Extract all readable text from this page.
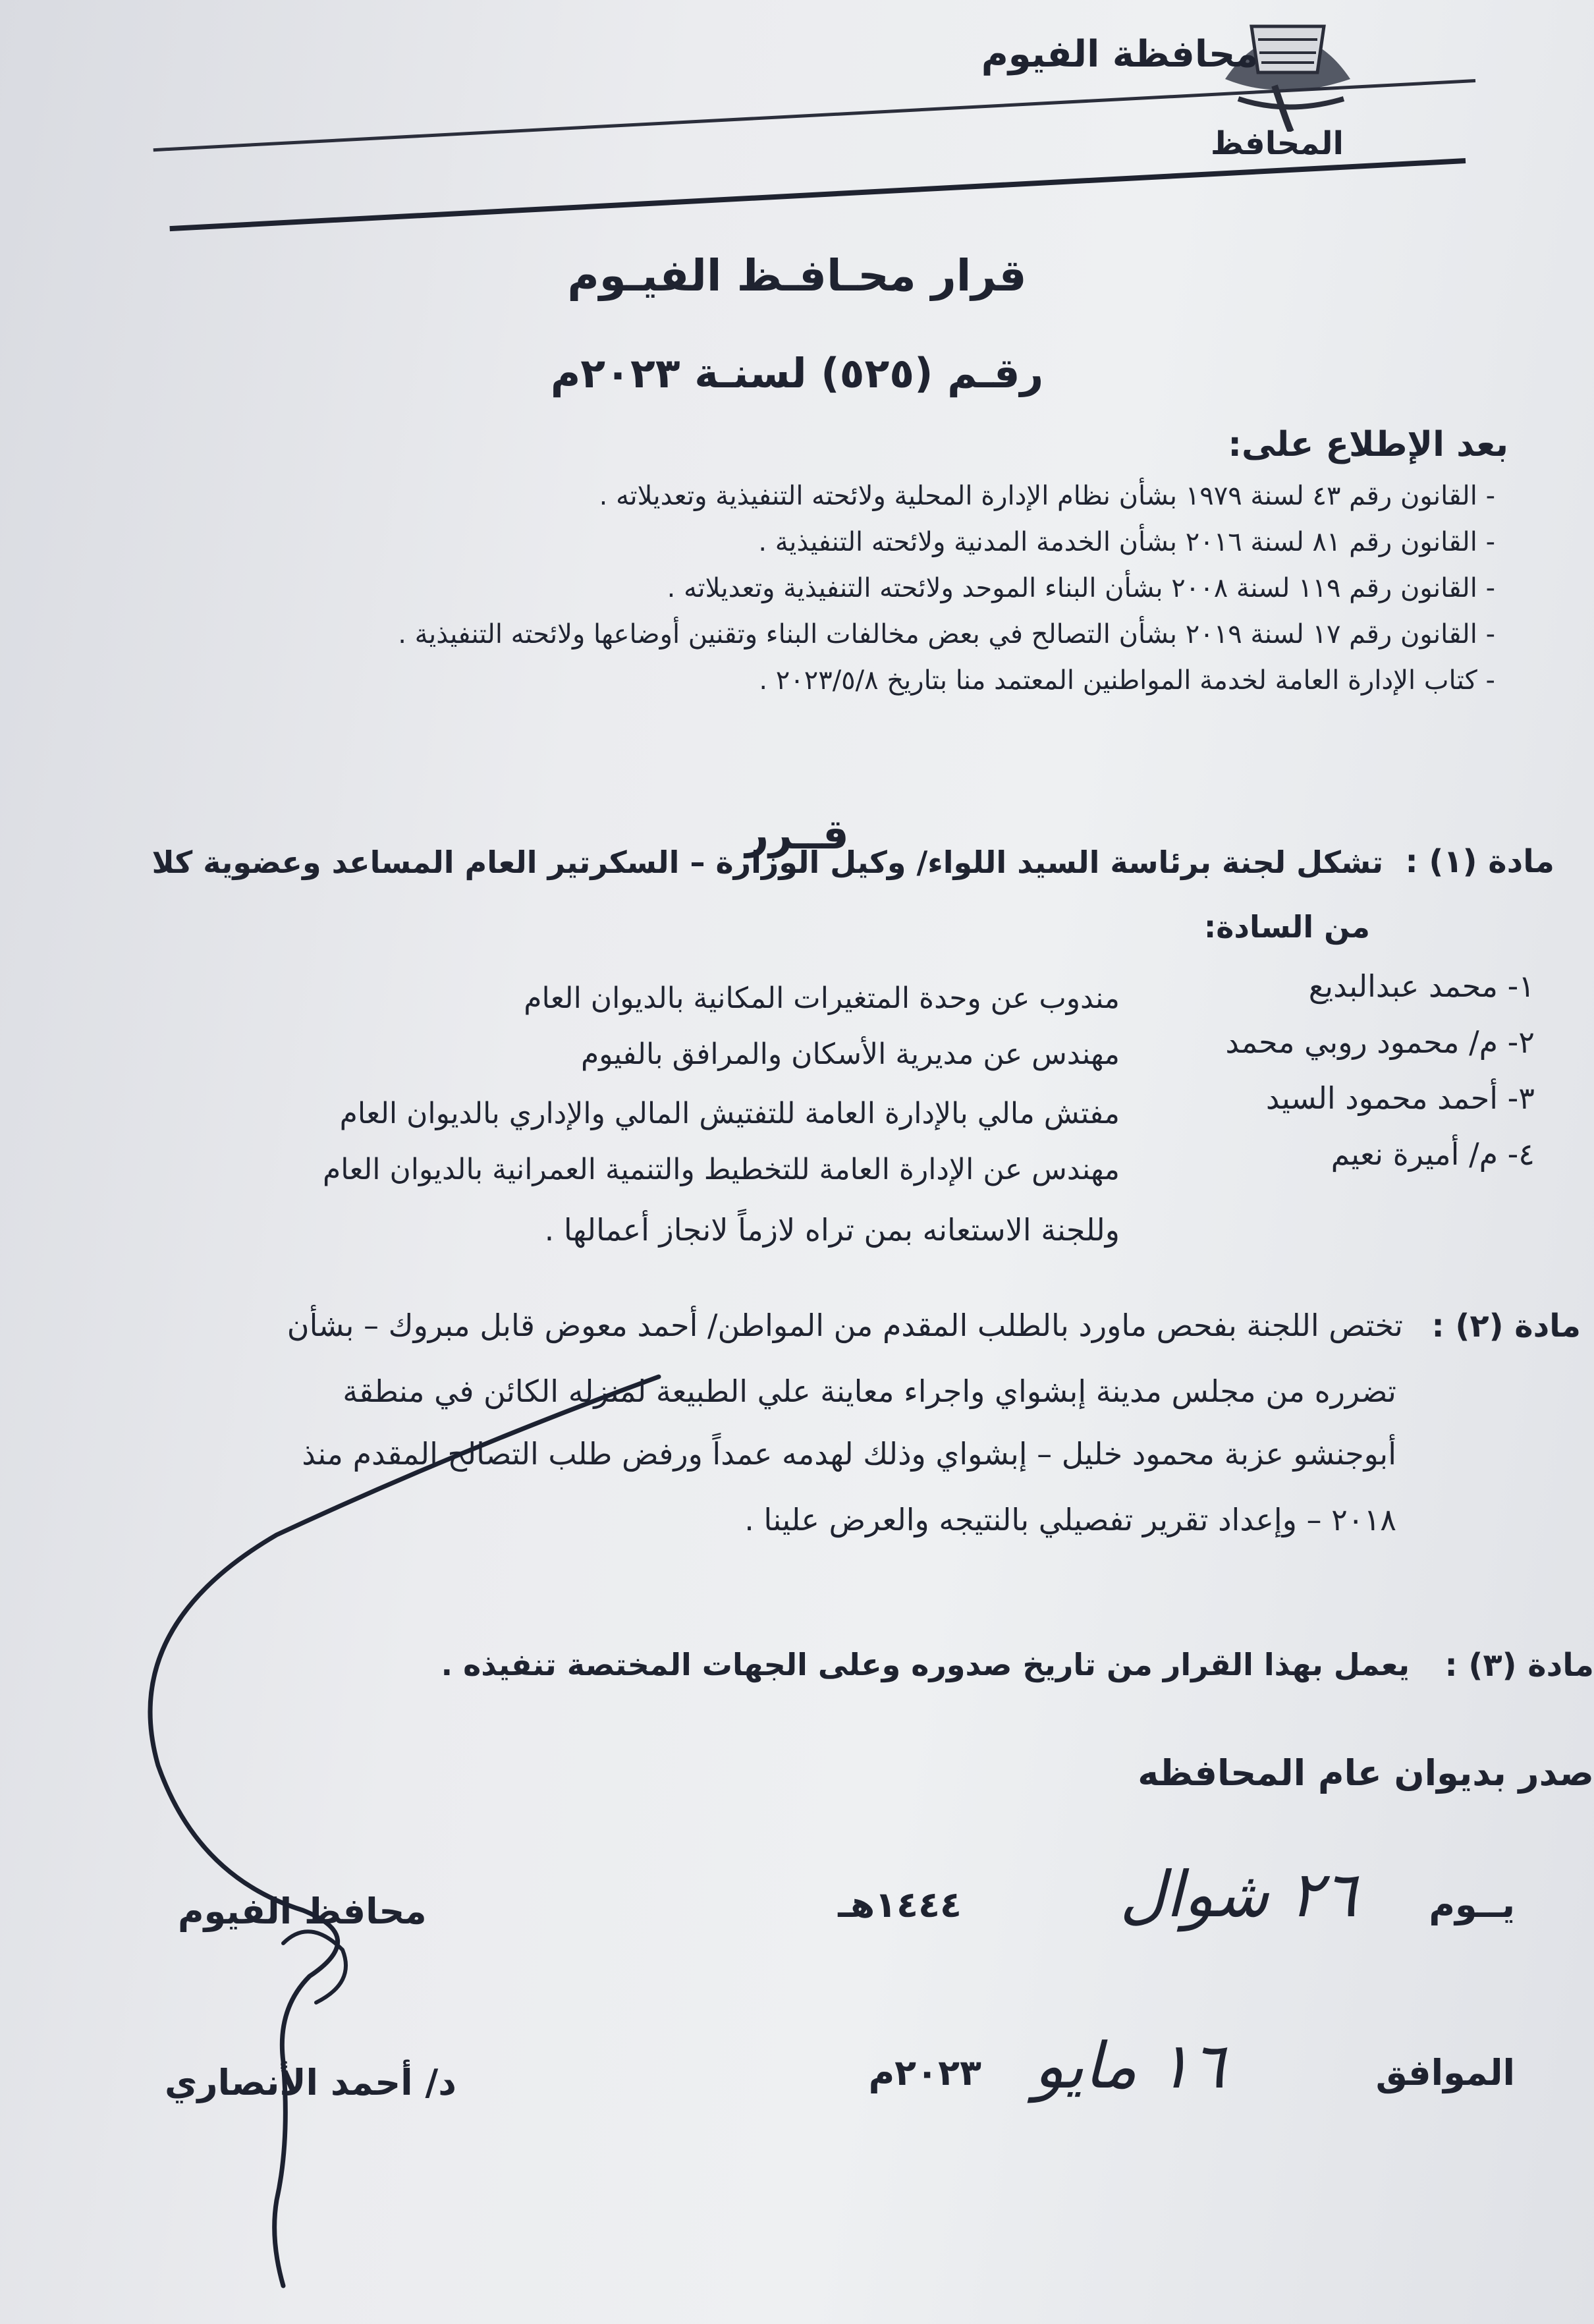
محافظة الفيوم
المحافظ
قرار محـافـظ الفيـوم
رقـم (٥٢٥) لسنـة ٢٠٢٣م
بعد الإطلاع على:
- القانون رقم ٤٣ لسنة ١٩٧٩ بشأن نظام الإدارة المحلية ولائحته التنفيذية وتعديلاته .
- القانون رقم ٨١ لسنة ٢٠١٦ بشأن الخدمة المدنية ولائحته التنفيذية .
- القانون رقم ١١٩ لسنة ٢٠٠٨ بشأن البناء الموحد ولائحته التنفيذية وتعديلاته .
- القانون رقم ١٧ لسنة ٢٠١٩ بشأن التصالح في بعض مخالفات البناء وتقنين أوضاعها ولائحته التنفيذية .
- كتاب الإدارة العامة لخدمة المواطنين المعتمد منا بتاريخ ٢٠٢٣/٥/٨ .
قــرر
مادة (١) :
تشكل لجنة برئاسة السيد اللواء/ وكيل الوزارة – السكرتير العام المساعد وعضوية كلا
من السادة:
١- محمد عبدالبديع
مندوب عن وحدة المتغيرات المكانية بالديوان العام
٢- م/ محمود روبي محمد
مهندس عن مديرية الأسكان والمرافق بالفيوم
٣- أحمد محمود السيد
مفتش مالي بالإدارة العامة للتفتيش المالي والإداري بالديوان العام
٤- م/ أميرة نعيم
مهندس عن الإدارة العامة للتخطيط والتنمية العمرانية بالديوان العام
وللجنة الاستعانه بمن تراه لازماً لانجاز أعمالها .
مادة (٢) :
تختص اللجنة بفحص ماورد بالطلب المقدم من المواطن/ أحمد معوض قابل مبروك – بشأن
تضرره من مجلس مدينة إبشواي واجراء معاينة علي الطبيعة لمنزله الكائن في منطقة
أبوجنشو عزبة محمود خليل – إبشواي وذلك لهدمه عمداً ورفض طلب التصالح المقدم منذ
٢٠١٨ – وإعداد تقرير تفصيلي بالنتيجه والعرض علينا .
مادة (٣) :
يعمل بهذا القرار من تاريخ صدوره وعلى الجهات المختصة تنفيذه .
صدر بديوان عام المحافظه
يــوم
٢٦ شوال
١٤٤٤هـ
الموافق
١٦ مايو
٢٠٢٣م
محافظ الفيوم
د/ أحمد الأنصاري
